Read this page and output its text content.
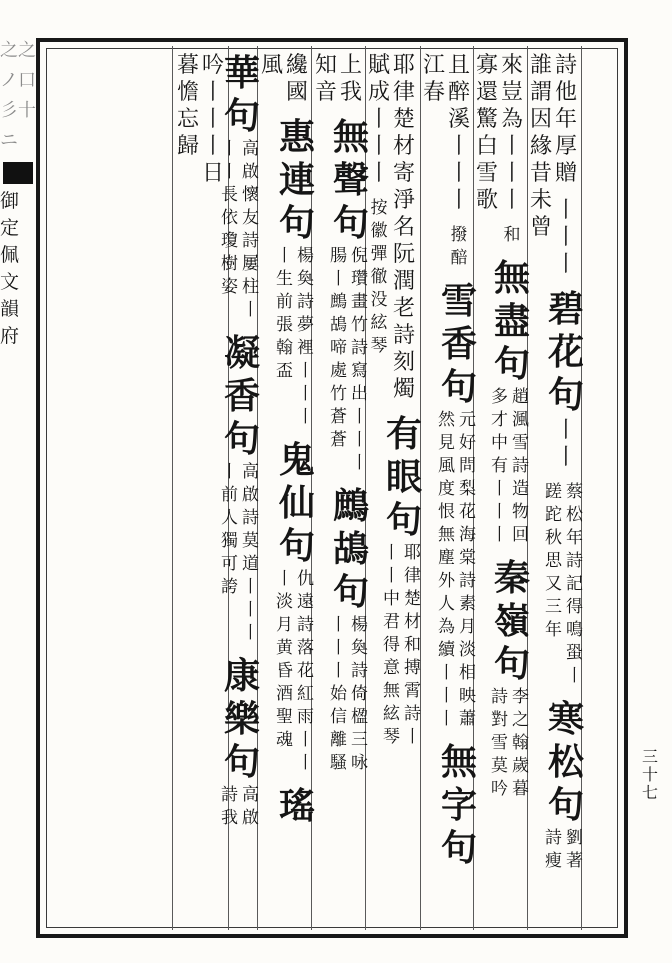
之之ノ口彡十ニ
御定佩文韻府
詩
他
年
厚
贈
丨
丨
丨
碧
花
句
丨
丨
蔡
松
年
詩
記
得
鳴
蛩
丨
蹉
跎
秋
思
又
三
年
寒
松
句
劉
著
詩
瘦
誰
謂
因
緣
昔
未
曾
來
豈
為
丨
丨
丨
和
無
盡
句
趙
渢
雪
詩
造
物
回
多
才
中
有
丨
丨
丨
秦
嶺
句
李
之
翰
歲
暮
詩
對
雪
莫
吟
寡
還
驚
白
雪
歌
且
醉
溪
丨
丨
丨
撥
醅
雪
香
句
元
好
問
梨
花
海
棠
詩
素
月
淡
相
映
蕭
然
見
風
度
恨
無
塵
外
人
為
續
丨
丨
丨
無
字
句
江
春
耶
律
楚
材
寄
淨
名
阮
潤
老
詩
刻
燭
有
眼
句
耶
律
楚
材
和
搏
霄
詩
丨
丨
丨
中
君
得
意
無
絃
琴
賦
成
丨
丨
丨
按
徽
彈
徹
没
絃
琴
上
我
無
聲
句
倪
瓚
畫
竹
詩
寫
出
丨
丨
丨
腸
丨
鷓
鴣
啼
處
竹
蒼
蒼
鷓
鴣
句
楊
奐
詩
倚
楹
三
咏
丨
丨
丨
始
信
離
騷
知
音
纔
國
惠
連
句
楊
奐
詩
夢
裡
丨
丨
丨
丨
生
前
張
翰
盃
鬼
仙
句
仇
遠
詩
落
花
紅
雨
丨
丨
丨
淡
月
黄
昏
酒
聖
魂
瑤
風
華
句
高
啟
懷
友
詩
屢
柱
丨
丨
丨
長
依
瓊
樹
姿
凝
香
句
高
啟
詩
莫
道
丨
丨
丨
丨
前
人
獨
可
誇
康
樂
句
高
啟
詩
我
吟
丨
丨
丨
日
暮
憺
忘
歸
三
十
七
